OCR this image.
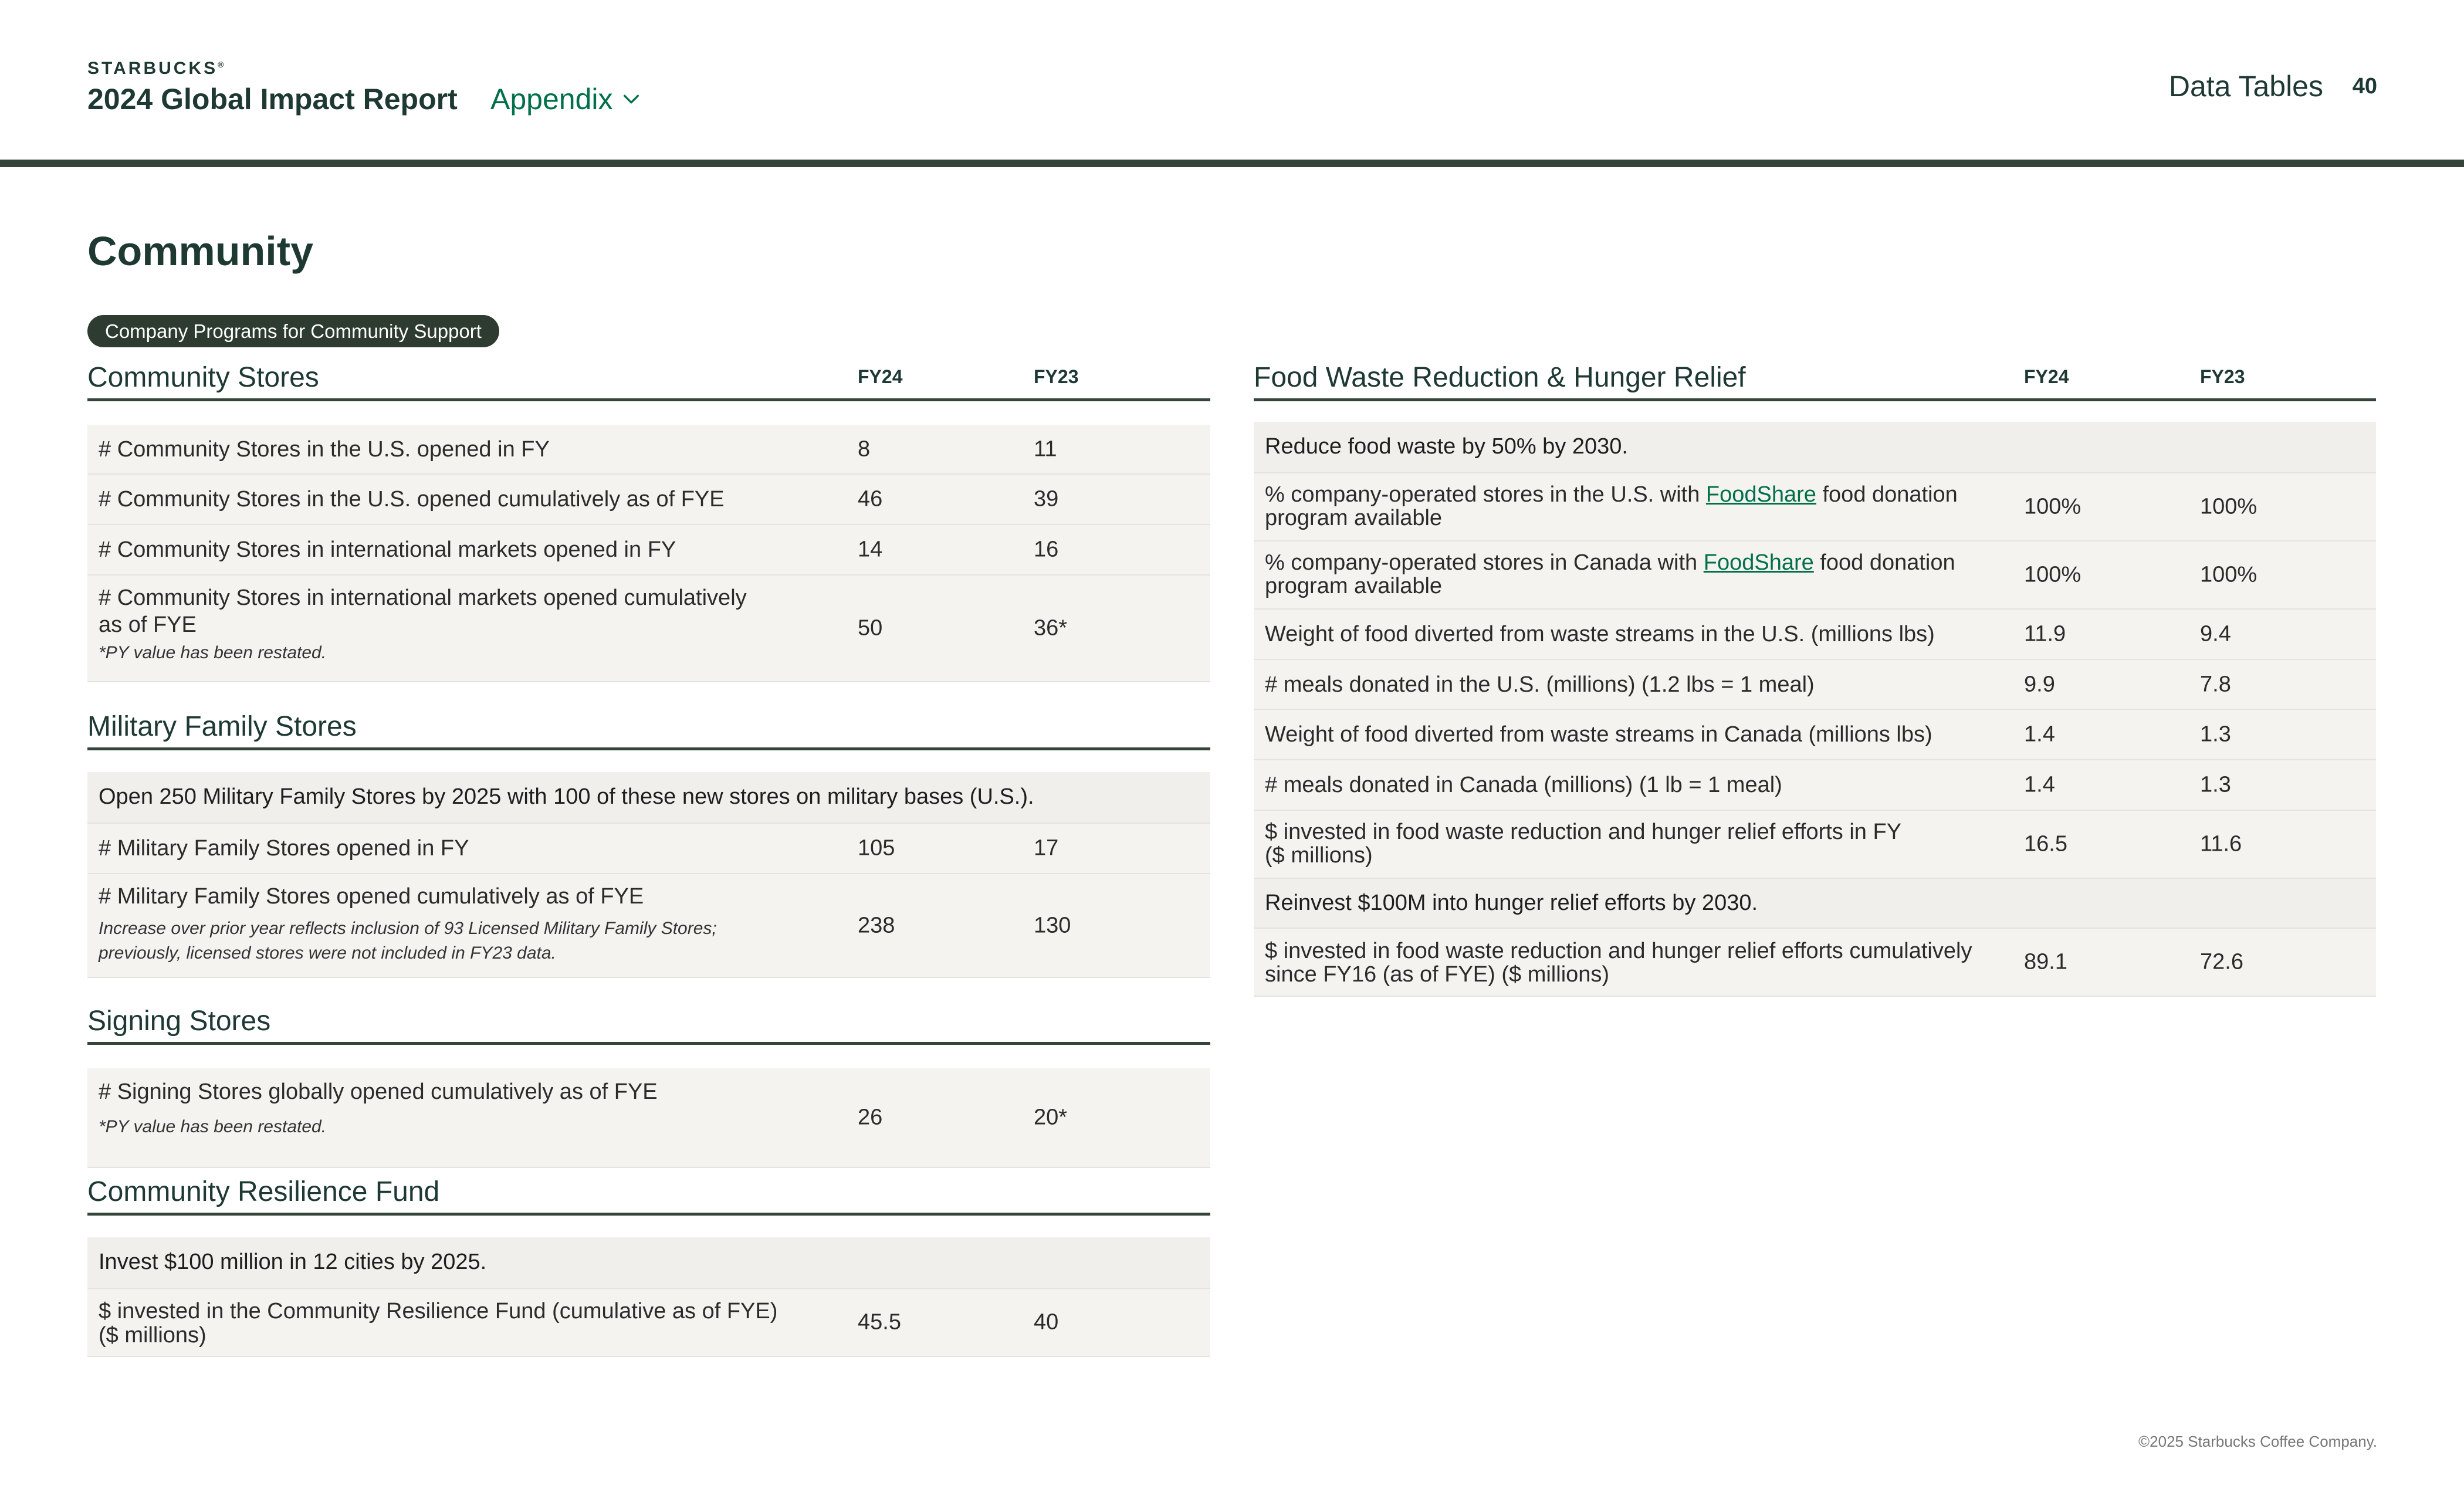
STARBUCKS®
2024 Global Impact Report Appendix	Data Tables 40
Community
Company Programs for Community Support
Community Stores	FY24	FY23
# Community Stores in the U.S. opened in FY	8	11
# Community Stores in the U.S. opened cumulatively as of FYE	46	39
# Community Stores in international markets opened in FY	14	16
# Community Stores in international markets opened cumulatively
as of FYE
*PY value has been restated.
50	36*
Military Family Stores
Open 250 Military Family Stores by 2025 with 100 of these new stores on military bases (U.S.).
# Military Family Stores opened in FY	105	17
# Military Family Stores opened cumulatively as of FYE
Increase over prior year reflects inclusion of 93 Licensed Military Family Stores;
previously, licensed stores were not included in FY23 data.
238	130
Signing Stores
# Signing Stores globally opened cumulatively as of FYE
*PY value has been restated.	26	20*
Community Resilience Fund
Invest $100 million in 12 cities by 2025.
$ invested in the Community Resilience Fund (cumulative as of FYE)
($ millions)
45.5	40
Food Waste Reduction & Hunger Relief	FY24	FY23
Reduce food waste by 50% by 2030.
% company-operated stores in the U.S. with FoodShare food donation
program available	100%	100%
% company-operated stores in Canada with FoodShare food donation
program available	100%	100%
Weight of food diverted from waste streams in the U.S. (millions lbs)	11.9	9.4
# meals donated in the U.S. (millions) (1.2 lbs = 1 meal)	9.9	7.8
Weight of food diverted from waste streams in Canada (millions lbs)	1.4	1.3
# meals donated in Canada (millions) (1 lb = 1 meal)	1.4	1.3
$ invested in food waste reduction and hunger relief efforts in FY
($ millions)	16.5	11.6
Reinvest $100M into hunger relief efforts by 2030.
$ invested in food waste reduction and hunger relief efforts cumulatively
since FY16 (as of FYE) ($ millions)
89.1	72.6
©2025 Starbucks Coffee Company.
